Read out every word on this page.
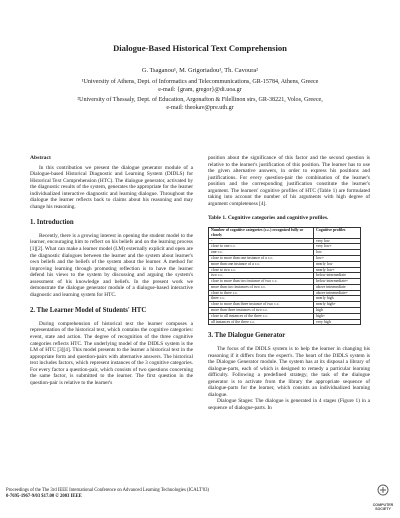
Dialogue-Based Historical Text Comprehension
G. Tsaganou¹, M. Grigoriadou¹, Th. Cavoura²
¹University of Athens, Dept. of Informatics and Telecommunications, GR-15784, Athens, Greece
e-mail: {gram, gregor}@di.uoa.gr
²University of Thessaly, Dept. of Education, Argonafton & Filellinon strs, GR-38221, Volos, Greece,
e-mail: theokav@pre.uth.gr
Abstract

In this contribution we present the dialogue generator module of a Dialogue-based Historical Diagnostic and Learning System (DIDLS) for Historical Text Comprehension (HTC). The dialogue generator, activated by the diagnostic results of the system, generates the appropriate for the learner individualized interactive diagnostic and learning dialogue. Throughout the dialogue the learner reflects back to claims about his reasoning and may change his reasoning.

1. Introduction

Recently, there is a growing interest in opening the student model to the learner, encouraging him to reflect on his beliefs and on the learning process [1][2]. What can make a learner model (LM) externally explicit and open are the diagnostic dialogues between the learner and the system about learner's own beliefs and the beliefs of the system about the learner. A method for improving learning through promoting reflection is to have the learner defend his views to the system by discussing and arguing the system's assessment of his knowledge and beliefs. In the present work we demonstrate the dialogue generator module of a dialogue-based interactive diagnostic and learning system for HTC.

2. The Learner Model of Students' HTC

During comprehension of historical text the learner composes a representation of the historical text, which contains the cognitive categories: event, state and action. The degree of recognition of the three cognitive categories reflects HTC. The underlying model of the DIDLS system is the LM of HTC [3][4]. This model presents to the learner a historical text in the appropriate form and question-pairs with alternative answers. The historical text includes factors, which represent instances of the 3 cognitive categories. For every factor a question-pair, which consists of two questions concerning the same factor, is submitted to the learner. The first question in the question-pair is relative to the learner's

position about the significance of this factor and the second question is relative to the learner's justification of this position. The learner has to use the given alternative answers, in order to express his positions and justifications. For every question-pair the combination of the learner's position and the corresponding justification constitute the learner's argument. The learners' cognitive profiles of HTC (Table 1) are formulated taking into account the number of his arguments with high degree of argument completeness [4].

Table 1. Cognitive categories and cognitive profiles.
Number of cognitive categories (c.c.) recognised fully or closely	Cognitive profiles
-	very low
close to one c.c.	very low+
one c.c.	low
close to more than one instance of a c.c.	low+
more than one instance of a c.c.	nearly low
close to two c.c.	nearly low+
two c.c.	below intermediate
close to more than two instance of two c.c.	below intermediate+
more than two instances of two c.c.	above intermediate
close to three c.c.	above intermediate+
three c.c.	nearly high
close to more than three instance of two c.c.	nearly high+
more than three instances of two c.c.	high
close to all instances of the three c.c.	high+
all instances of the three c.c.	very high
3. The Dialogue Generator

The focus of the DIDLS system is to help the learner in changing his reasoning if it differs from the expert's. The heart of the DIDLS system is the Dialogue Generator module. The system has at its disposal a library of dialogue-parts, each of which is designed to remedy a particular learning difficulty. Following a predefined strategy, the task of the dialogue generator is to activate from the library the appropriate sequence of dialogue-parts for the learner, which consists an individualized learning dialogue.

Dialogue Stages: The dialogue is generated in 4 stages (Figure 1) in a sequence of dialogue-parts. In

Proceedings of the The 3rd IEEE International Conference on Advanced Learning Technologies (ICALT'03)
0-7695-1967-9/03 $17.00 © 2003 IEEE
COMPUTER
SOCIETY
